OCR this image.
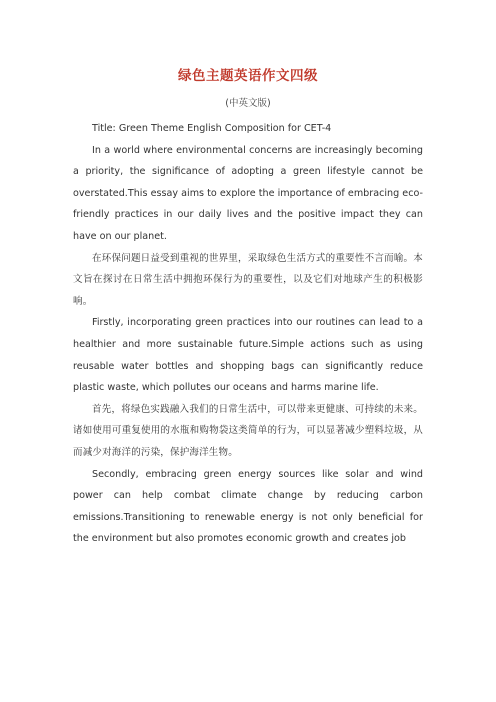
绿色主题英语作文四级
(中英文版)

Title: Green Theme English Composition for CET-4

In a world where environmental concerns are increasingly becoming a priority, the significance of adopting a green lifestyle cannot be overstated.This essay aims to explore the importance of embracing eco-friendly practices in our daily lives and the positive impact they can have on our planet.

在环保问题日益受到重视的世界里，采取绿色生活方式的重要性不言而喻。本文旨在探讨在日常生活中拥抱环保行为的重要性，以及它们对地球产生的积极影响。

Firstly, incorporating green practices into our routines can lead to a healthier and more sustainable future.Simple actions such as using reusable water bottles and shopping bags can significantly reduce plastic waste, which pollutes our oceans and harms marine life.

首先，将绿色实践融入我们的日常生活中，可以带来更健康、可持续的未来。诸如使用可重复使用的水瓶和购物袋这类简单的行为，可以显著减少塑料垃圾，从而减少对海洋的污染，保护海洋生物。

Secondly, embracing green energy sources like solar and wind power can help combat climate change by reducing carbon emissions.Transitioning to renewable energy is not only beneficial for the environment but also promotes economic growth and creates job
